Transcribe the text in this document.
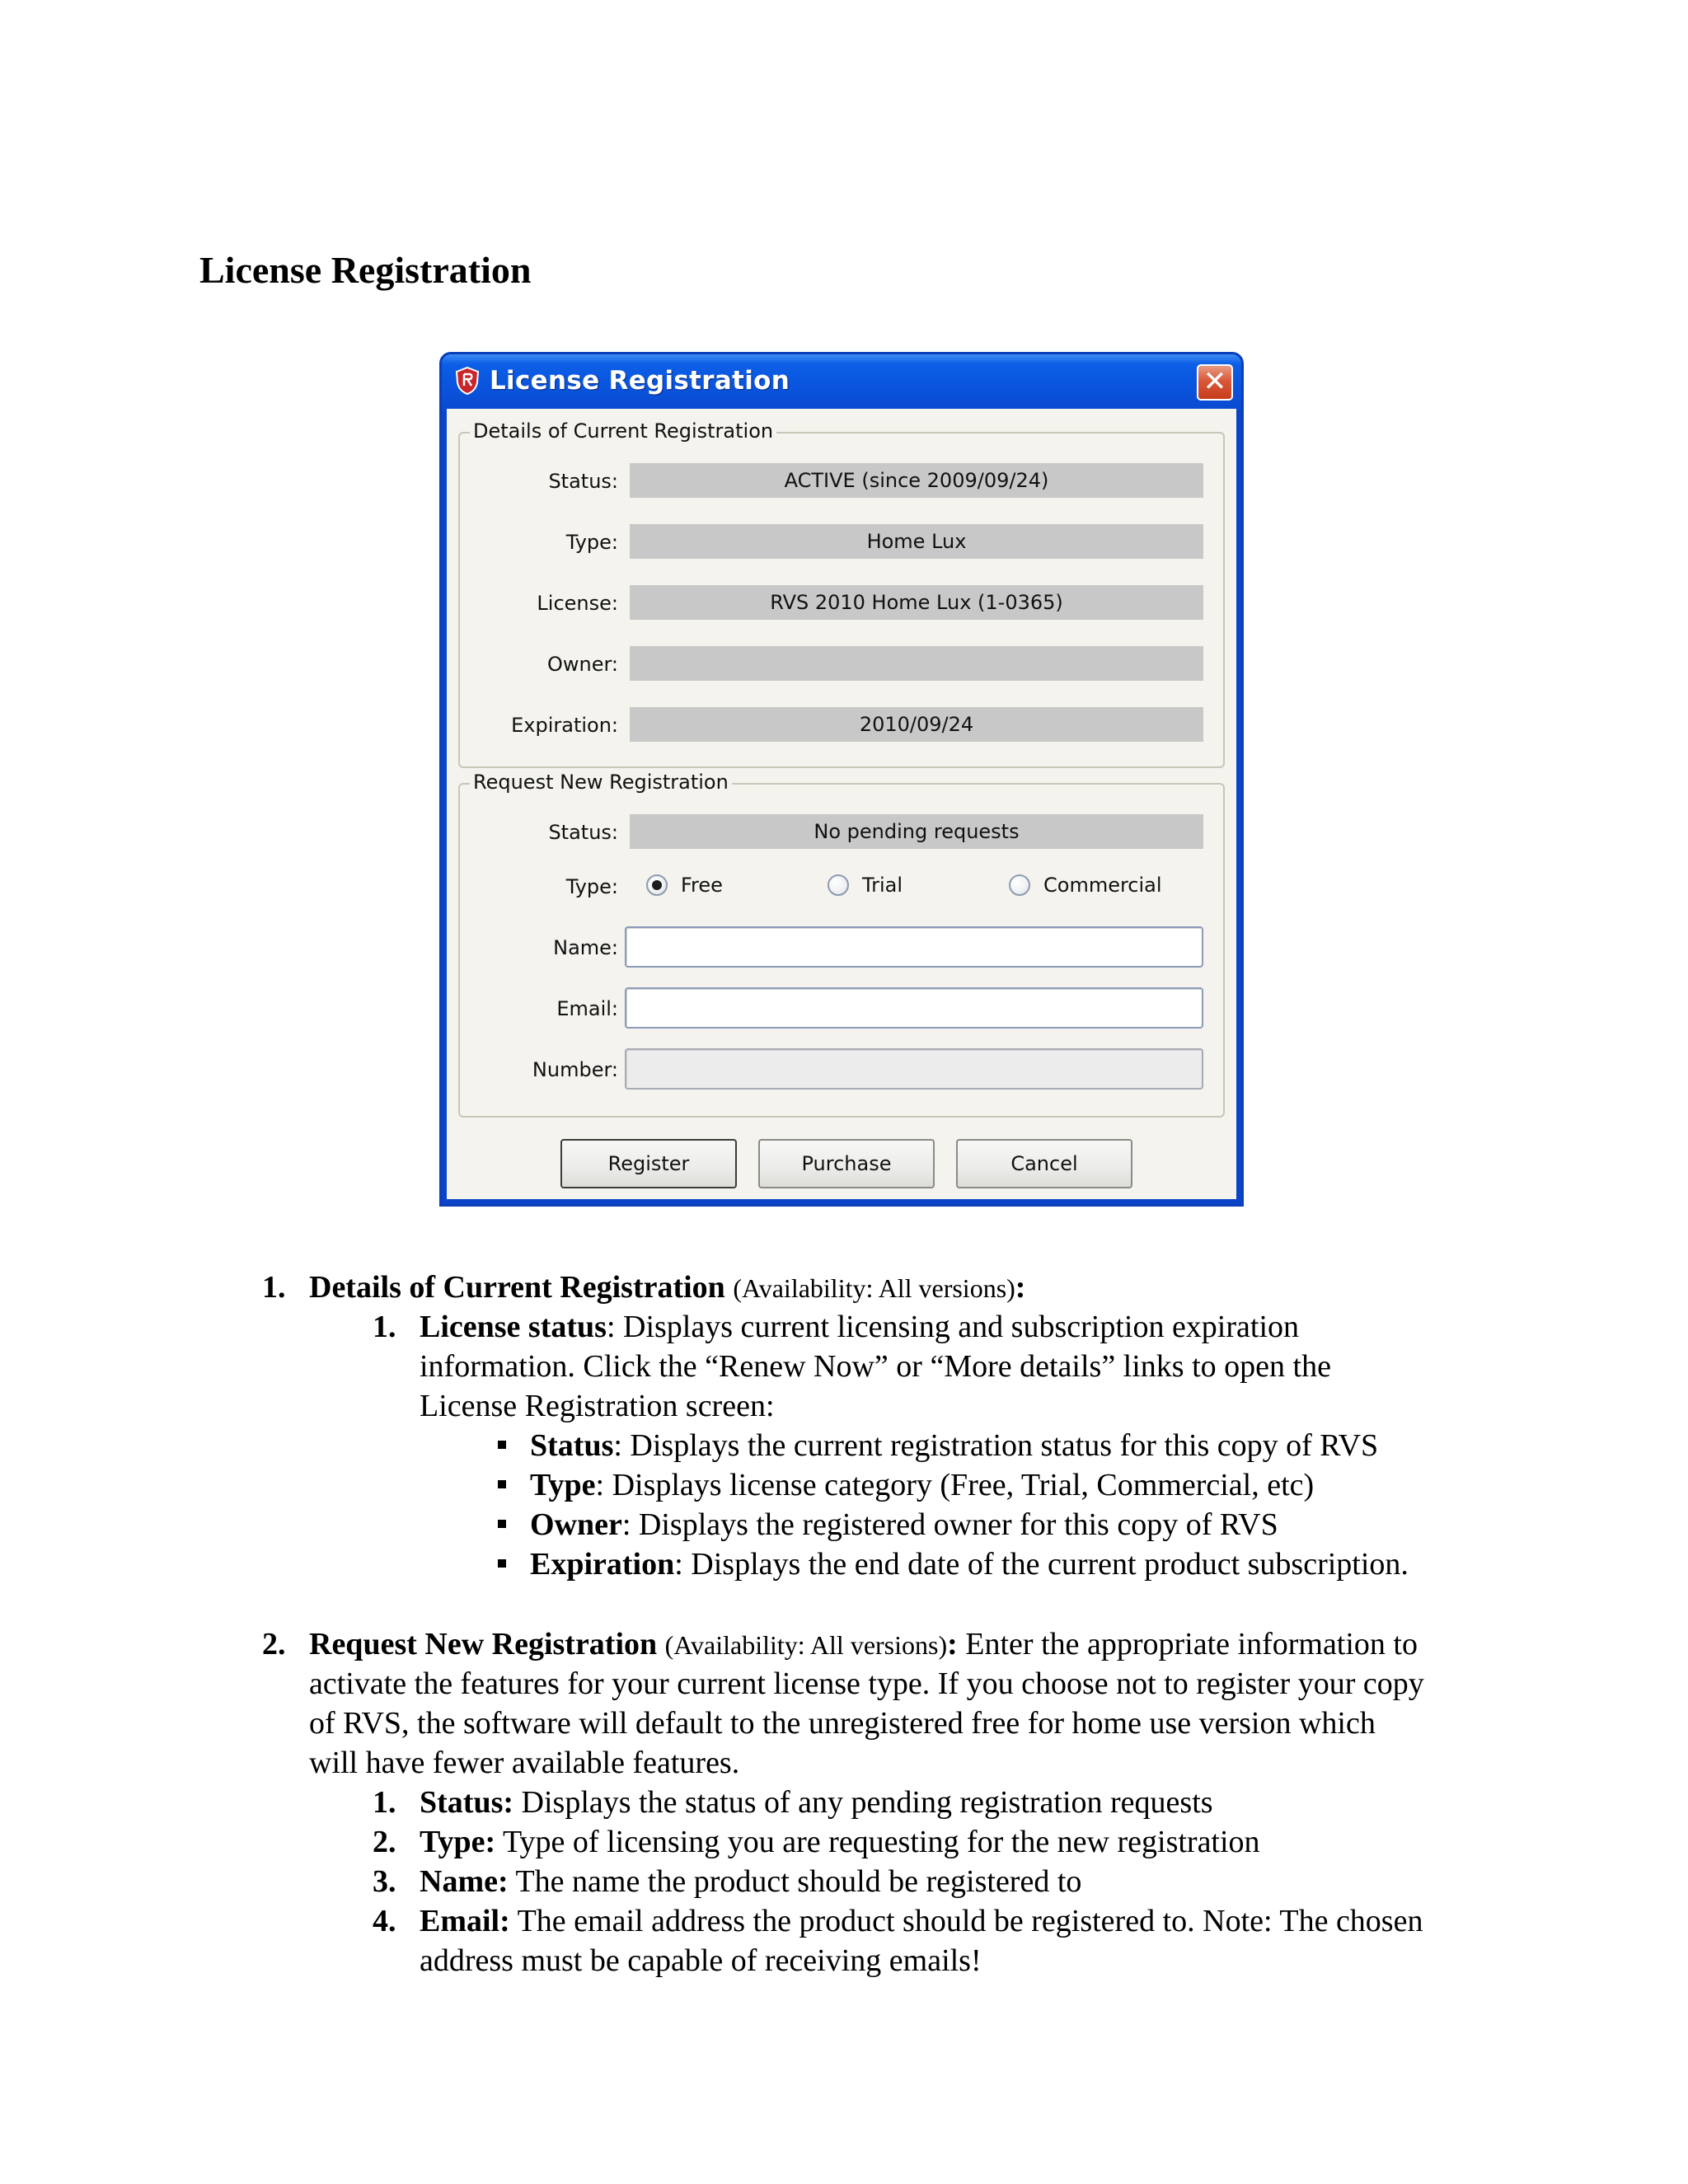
License Registration
License Registration	✕
Details of Current Registration
Status:	ACTIVE (since 2009/09/24)
Type:	Home Lux
License:	RVS 2010 Home Lux (1-0365)
Owner:
Expiration:	2010/09/24
Request New Registration
Status:	No pending requests
Type:	Free	Trial	Commercial
Name:
Email:
Number:
Register	Purchase	Cancel
1. Details of Current Registration (Availability: All versions):
1. License status: Displays current licensing and subscription expiration
information. Click the “Renew Now” or “More details” links to open the
License Registration screen:
Status: Displays the current registration status for this copy of RVS
Type: Displays license category (Free, Trial, Commercial, etc)
Owner: Displays the registered owner for this copy of RVS
Expiration: Displays the end date of the current product subscription.
2. Request New Registration (Availability: All versions): Enter the appropriate information to
activate the features for your current license type. If you choose not to register your copy
of RVS, the software will default to the unregistered free for home use version which
will have fewer available features.
1. Status: Displays the status of any pending registration requests
2. Type: Type of licensing you are requesting for the new registration
3. Name: The name the product should be registered to
4. Email: The email address the product should be registered to. Note: The chosen
address must be capable of receiving emails!
